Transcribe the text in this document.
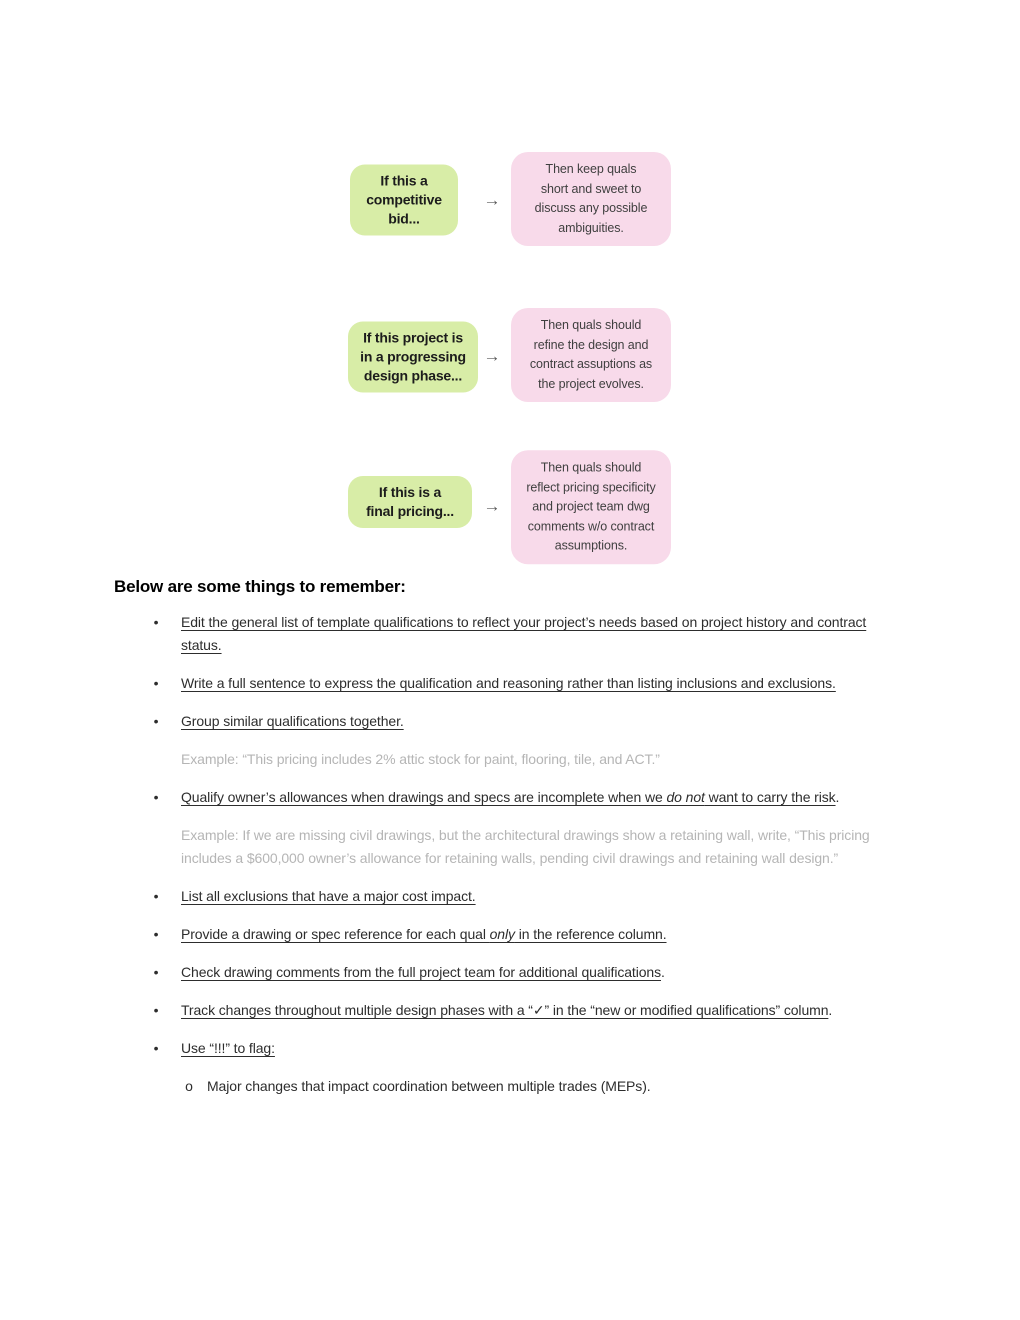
If this a
competitive
bid...
→
Then keep quals
short and sweet to
discuss any possible
ambiguities.
If this project is
in a progressing
design phase...
→
Then quals should
refine the design and
contract assuptions as
the project evolves.
If this is a
final pricing...	→
Then quals should
reflect pricing specificity
and project team dwg
comments w/o contract
assumptions.
Below are some things to remember:
•	Edit the general list of template qualifications to reflect your project’s needs based on project history and contract status.
•	Write a full sentence to express the qualification and reasoning rather than listing inclusions and exclusions.
•	Group similar qualifications together.
Example: “This pricing includes 2% attic stock for paint, flooring, tile, and ACT.”
•	Qualify owner’s allowances when drawings and specs are incomplete when we do not want to carry the risk.
Example: If we are missing civil drawings, but the architectural drawings show a retaining wall, write, “This pricing includes a $600,000 owner’s allowance for retaining walls, pending civil drawings and retaining wall design.”
•	List all exclusions that have a major cost impact.
•	Provide a drawing or spec reference for each qual only in the reference column.
•	Check drawing comments from the full project team for additional qualifications.
•	Track changes throughout multiple design phases with a “✓” in the “new or modified qualifications” column.
•	Use “!!!” to flag:
o Major changes that impact coordination between multiple trades (MEPs).
